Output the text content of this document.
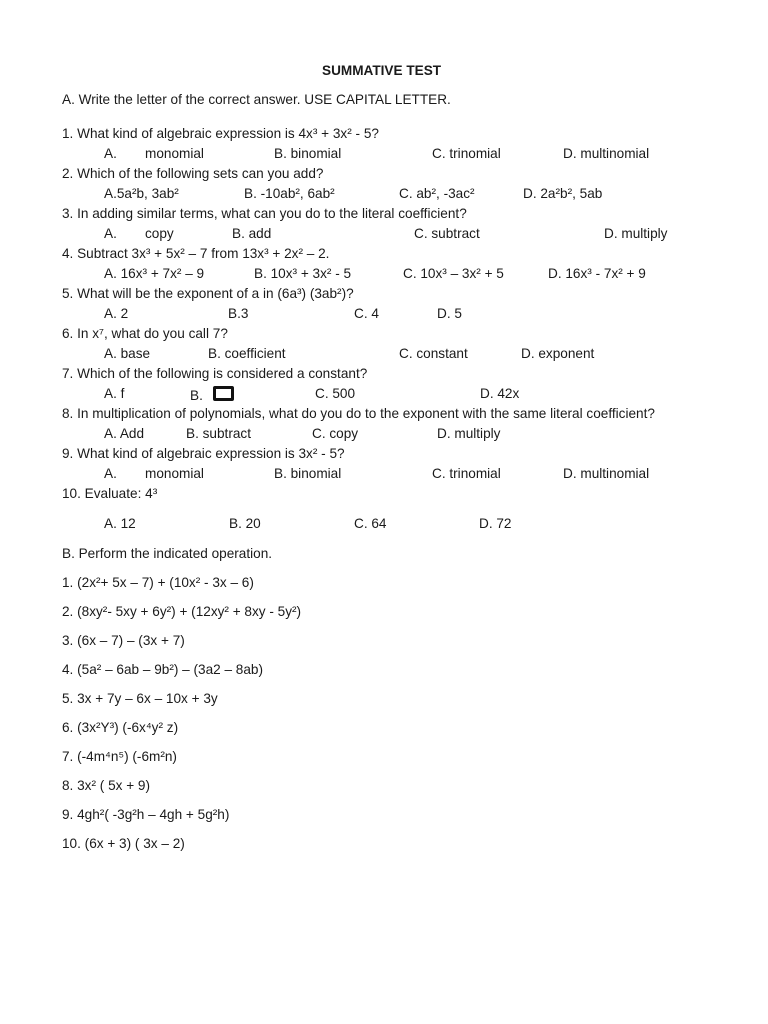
SUMMATIVE TEST
A. Write the letter of the correct answer. USE CAPITAL LETTER.
1. What kind of algebraic expression is 4x³ + 3x² - 5?
A. monomial	B. binomial	C. trinomial	D. multinomial
2. Which of the following sets can you add?
A.5a²b, 3ab²	B. -10ab², 6ab²	C. ab², -3ac²	D. 2a²b², 5ab
3. In adding similar terms, what can you do to the literal coefficient?
A. copy	B. add	C. subtract	D. multiply
4. Subtract 3x³ + 5x² – 7 from 13x³ + 2x² – 2.
A. 16x³ + 7x² – 9	B. 10x³ + 3x² - 5	C. 10x³ – 3x² + 5	D. 16x³ - 7x² + 9
5. What will be the exponent of a in (6a³) (3ab²)?
A. 2	B.3	C. 4	D. 5
6. In x⁷, what do you call 7?
A. base	B. coefficient	C. constant	D. exponent
7. Which of the following is considered a constant?
A. f	B.	C. 500	D. 42x
8. In multiplication of polynomials, what do you do to the exponent with the same literal coefficient?
A. Add	B. subtract	C. copy	D. multiply
9. What kind of algebraic expression is 3x² - 5?
A. monomial	B. binomial	C. trinomial	D. multinomial
10. Evaluate: 4³
A. 12	B. 20	C. 64	D. 72
B. Perform the indicated operation.
1. (2x²+ 5x – 7) + (10x² - 3x – 6)
2. (8xy²- 5xy + 6y²) + (12xy² + 8xy - 5y²)
3. (6x – 7) – (3x + 7)
4. (5a² – 6ab – 9b²) – (3a2 – 8ab)
5. 3x + 7y – 6x – 10x + 3y
6. (3x²Y³) (-6x⁴y² z)
7. (-4m⁴n⁵) (-6m²n)
8. 3x² ( 5x + 9)
9. 4gh²( -3g²h – 4gh + 5g²h)
10. (6x + 3) ( 3x – 2)
